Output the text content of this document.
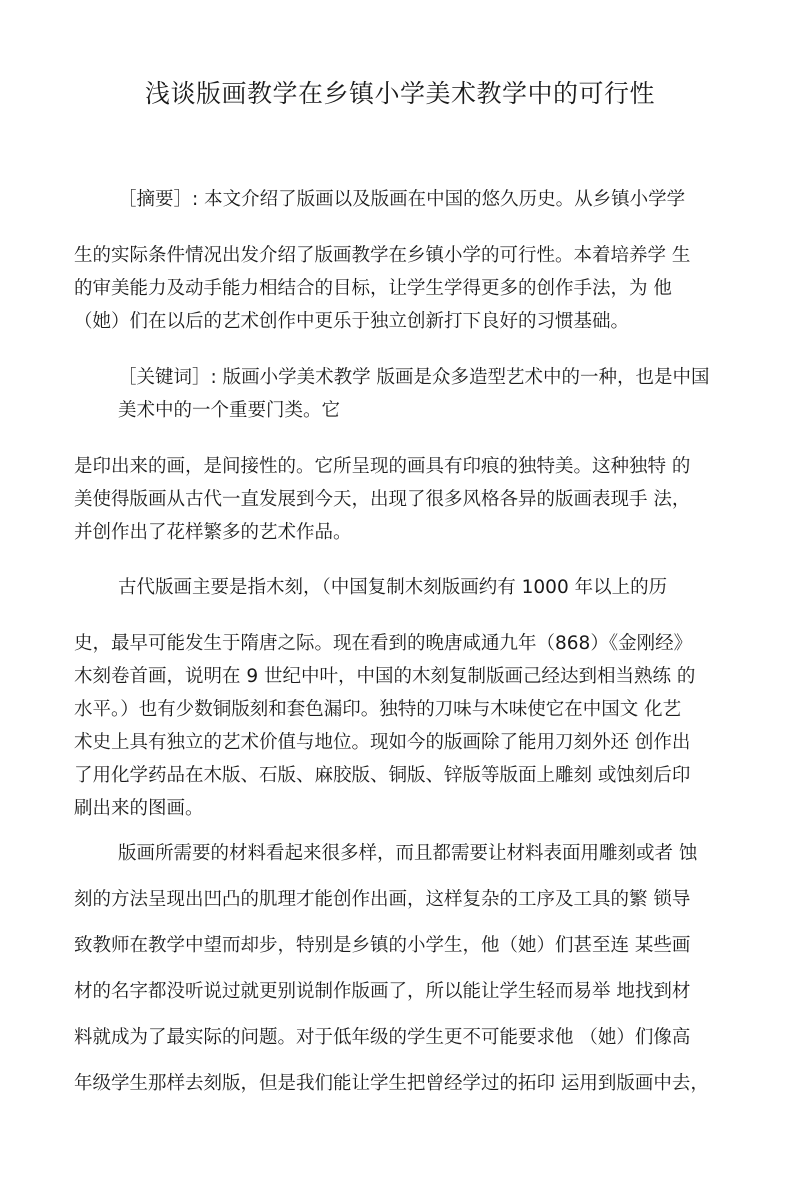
浅谈版画教学在乡镇小学美术教学中的可行性

［摘要］: 本文介绍了版画以及版画在中国的悠久历史。从乡镇小学学

生的实际条件情况出发介绍了版画教学在乡镇小学的可行性。本着培养学 生

的审美能力及动手能力相结合的目标，让学生学得更多的创作手法，为 他

（她）们在以后的艺术创作中更乐于独立创新打下良好的习惯基础。

［关键词］: 版画小学美术教学 版画是众多造型艺术中的一种，也是中国

美术中的一个重要门类。它

是印出来的画，是间接性的。它所呈现的画具有印痕的独特美。这种独特 的

美使得版画从古代一直发展到今天，出现了很多风格各异的版画表现手 法，

并创作出了花样繁多的艺术作品。

古代版画主要是指木刻，（中国复制木刻版画约有 1000 年以上的历

史，最早可能发生于隋唐之际。现在看到的晚唐咸通九年（868）《金刚经》

木刻卷首画，说明在 9 世纪中叶，中国的木刻复制版画己经达到相当熟练 的

水平。）也有少数铜版刻和套色漏印。独特的刀味与木味使它在中国文 化艺

术史上具有独立的艺术价值与地位。现如今的版画除了能用刀刻外还 创作出

了用化学药品在木版、石版、麻胶版、铜版、锌版等版面上雕刻 或蚀刻后印

刷出来的图画。

版画所需要的材料看起来很多样，而且都需要让材料表面用雕刻或者 蚀

刻的方法呈现出凹凸的肌理才能创作出画，这样复杂的工序及工具的繁 锁导

致教师在教学中望而却步，特别是乡镇的小学生，他（她）们甚至连 某些画

材的名字都没听说过就更别说制作版画了，所以能让学生轻而易举 地找到材

料就成为了最实际的问题。对于低年级的学生更不可能要求他 （她）们像高

年级学生那样去刻版，但是我们能让学生把曾经学过的拓印 运用到版画中去，
